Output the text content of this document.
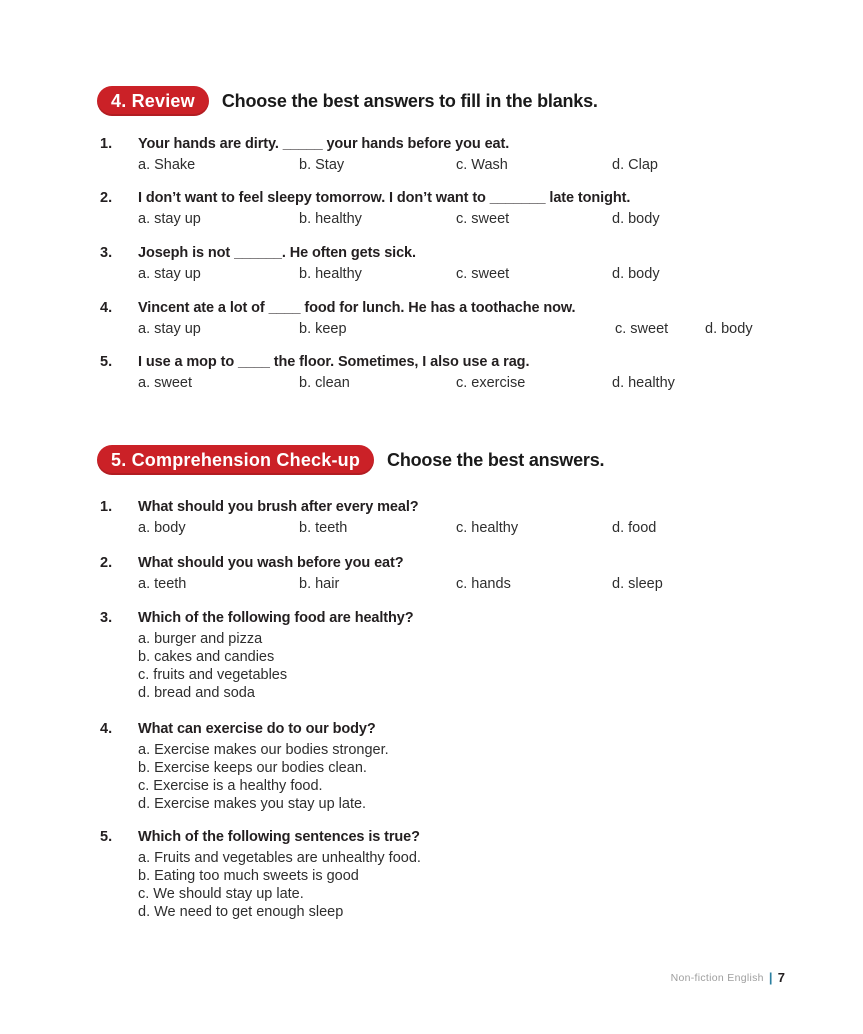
4. Review	Choose the best answers to fill in the blanks.
1.	Your hands are dirty. _____ your hands before you eat.
a. Shake	b. Stay	c. Wash	d. Clap
2.	I don’t want to feel sleepy tomorrow. I don’t want to _______ late tonight.
a. stay up	b. healthy	c. sweet	d. body
3.	Joseph is not ______. He often gets sick.
a. stay up	b. healthy	c. sweet	d. body
4.	Vincent ate a lot of ____ food for lunch. He has a toothache now.
a. stay up	b. keep	c. sweet	d. body
5.	I use a mop to ____ the floor. Sometimes, I also use a rag.
a. sweet	b. clean	c. exercise	d. healthy
5. Comprehension Check-up	Choose the best answers.
1.	What should you brush after every meal?
a. body	b. teeth	c. healthy	d. food
2.	What should you wash before you eat?
a. teeth	b. hair	c. hands	d. sleep
3.	Which of the following food are healthy?
a. burger and pizza
b. cakes and candies
c. fruits and vegetables
d. bread and soda
4.	What can exercise do to our body?
a. Exercise makes our bodies stronger.
b. Exercise keeps our bodies clean.
c. Exercise is a healthy food.
d. Exercise makes you stay up late.
5.	Which of the following sentences is true?
a. Fruits and vegetables are unhealthy food.
b. Eating too much sweets is good
c. We should stay up late.
d. We need to get enough sleep
Non-fiction English | 7
